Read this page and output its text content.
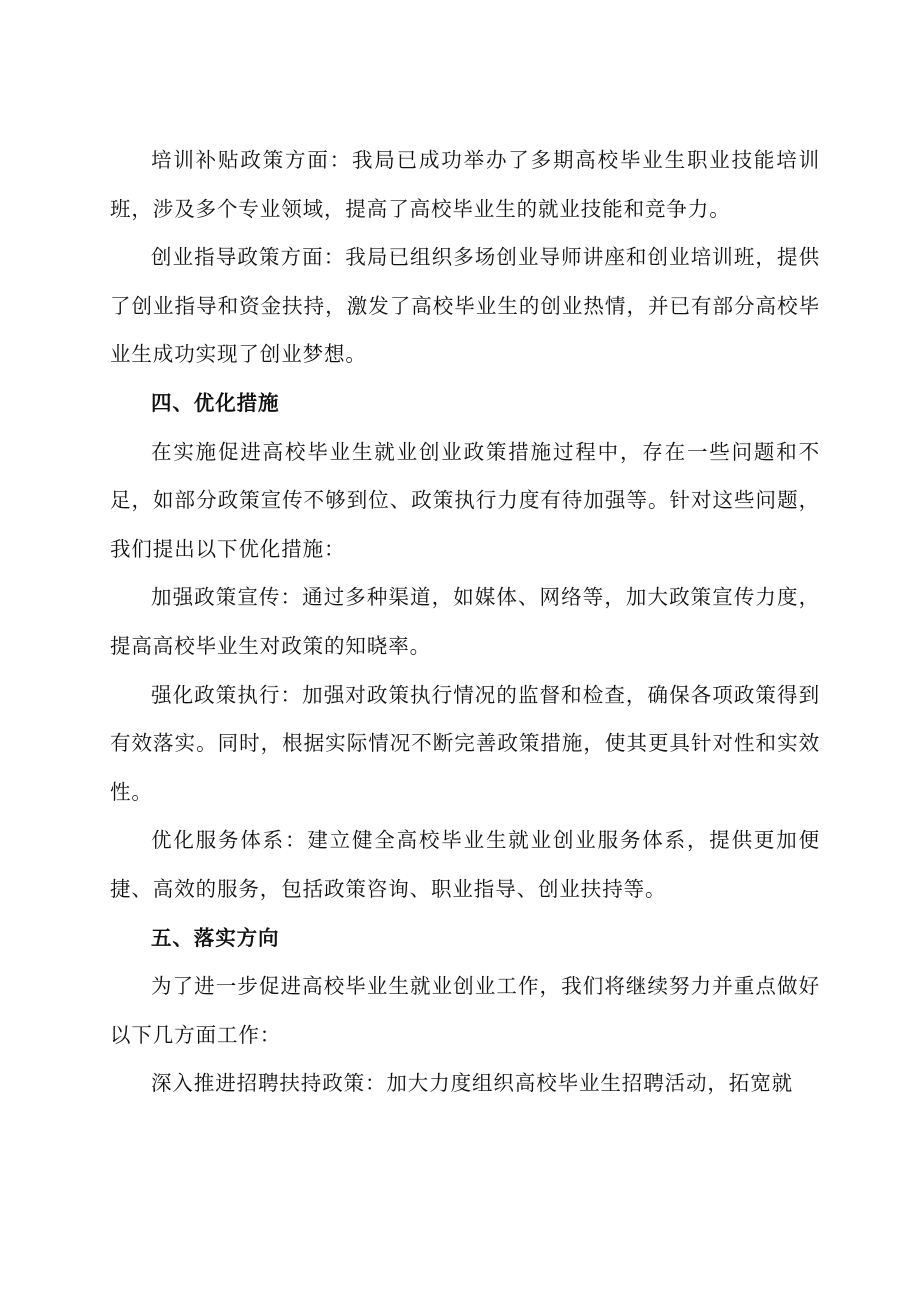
培训补贴政策方面：我局已成功举办了多期高校毕业生职业技能培训班，涉及多个专业领域，提高了高校毕业生的就业技能和竞争力。

创业指导政策方面：我局已组织多场创业导师讲座和创业培训班，提供了创业指导和资金扶持，激发了高校毕业生的创业热情，并已有部分高校毕业生成功实现了创业梦想。

四、优化措施

在实施促进高校毕业生就业创业政策措施过程中，存在一些问题和不足，如部分政策宣传不够到位、政策执行力度有待加强等。针对这些问题，我们提出以下优化措施：

加强政策宣传：通过多种渠道，如媒体、网络等，加大政策宣传力度，提高高校毕业生对政策的知晓率。

强化政策执行：加强对政策执行情况的监督和检查，确保各项政策得到有效落实。同时，根据实际情况不断完善政策措施，使其更具针对性和实效性。

优化服务体系：建立健全高校毕业生就业创业服务体系，提供更加便捷、高效的服务，包括政策咨询、职业指导、创业扶持等。

五、落实方向

为了进一步促进高校毕业生就业创业工作，我们将继续努力并重点做好以下几方面工作：

深入推进招聘扶持政策：加大力度组织高校毕业生招聘活动，拓宽就
